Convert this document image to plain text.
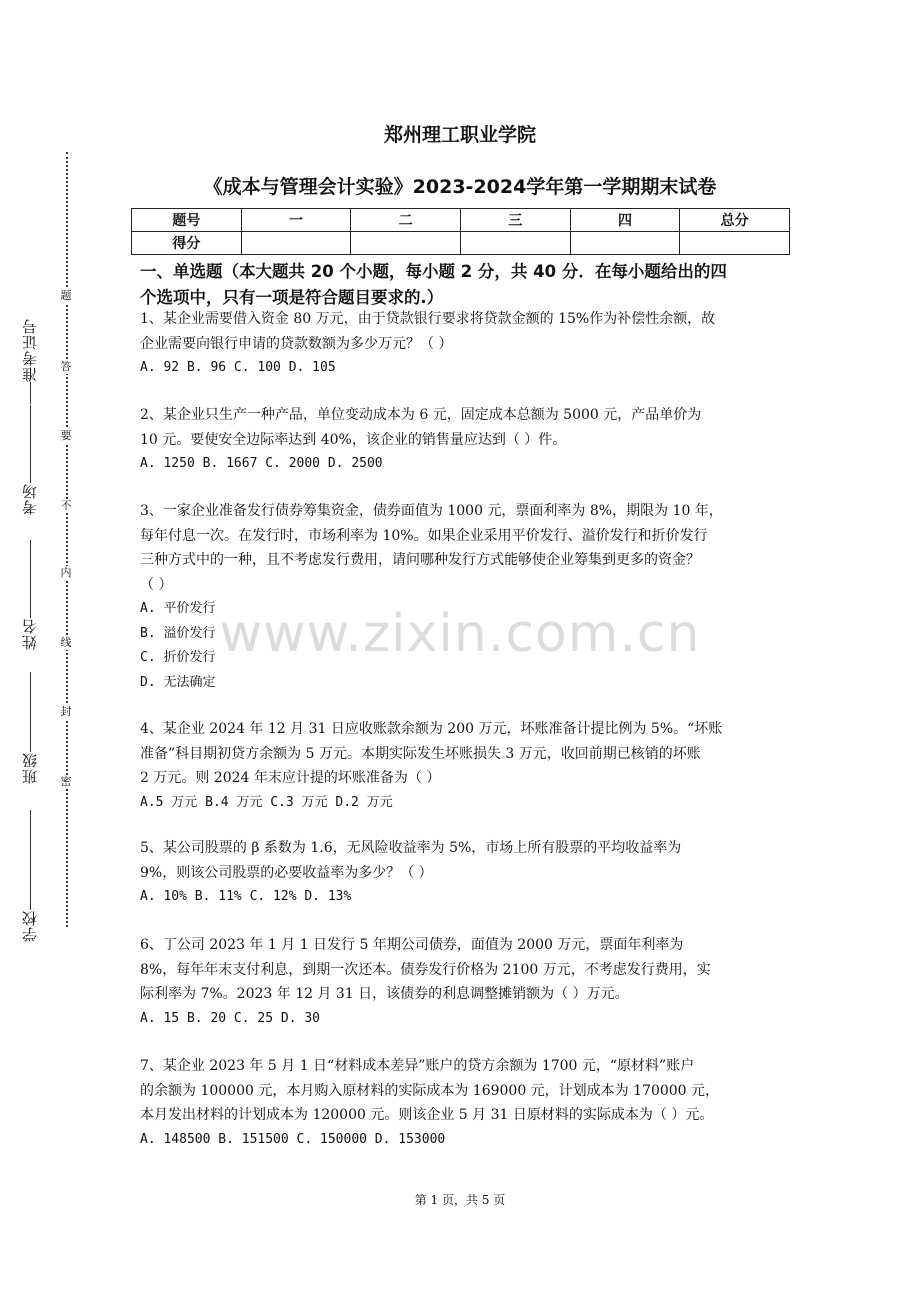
题
答
要
不
内
线
封
密
准考证号
考场
姓名
班级
学校
郑州理工职业学院
《成本与管理会计实验》2023-2024学年第一学期期末试卷
题号	一	二	三	四	总分
得分					
一、单选题（本大题共 20 个小题，每小题 2 分，共 40 分．在每小题给出的四
个选项中，只有一项是符合题目要求的.）

1、某企业需要借入资金 80 万元，由于贷款银行要求将贷款金额的 15%作为补偿性余额，故

企业需要向银行申请的贷款数额为多少万元？（ ）

A. 92 B. 96 C. 100 D. 105

2、某企业只生产一种产品，单位变动成本为 6 元，固定成本总额为 5000 元，产品单价为

10 元。要使安全边际率达到 40%，该企业的销售量应达到（ ）件。

A. 1250 B. 1667 C. 2000 D. 2500

3、一家企业准备发行债券筹集资金，债券面值为 1000 元，票面利率为 8%，期限为 10 年，

每年付息一次。在发行时，市场利率为 10%。如果企业采用平价发行、溢价发行和折价发行

三种方式中的一种，且不考虑发行费用，请问哪种发行方式能够使企业筹集到更多的资金？

（ ）

A. 平价发行

B. 溢价发行

C. 折价发行

D. 无法确定

4、某企业 2024 年 12 月 31 日应收账款余额为 200 万元，坏账准备计提比例为 5%。“坏账

准备”科目期初贷方余额为 5 万元。本期实际发生坏账损失 3 万元，收回前期已核销的坏账

2 万元。则 2024 年末应计提的坏账准备为（ ）

A.5 万元 B.4 万元 C.3 万元 D.2 万元

5、某公司股票的 β 系数为 1.6，无风险收益率为 5%，市场上所有股票的平均收益率为

9%，则该公司股票的必要收益率为多少？（ ）

A. 10% B. 11% C. 12% D. 13%

6、丁公司 2023 年 1 月 1 日发行 5 年期公司债券，面值为 2000 万元，票面年利率为

8%，每年年末支付利息，到期一次还本。债券发行价格为 2100 万元，不考虑发行费用，实

际利率为 7%。2023 年 12 月 31 日，该债券的利息调整摊销额为（ ）万元。

A. 15 B. 20 C. 25 D. 30

7、某企业 2023 年 5 月 1 日“材料成本差异”账户的贷方余额为 1700 元，“原材料”账户

的余额为 100000 元，本月购入原材料的实际成本为 169000 元，计划成本为 170000 元，

本月发出材料的计划成本为 120000 元。则该企业 5 月 31 日原材料的实际成本为（ ）元。

A. 148500 B. 151500 C. 150000 D. 153000

www.zixin.com.cn
第 1 页，共 5 页
